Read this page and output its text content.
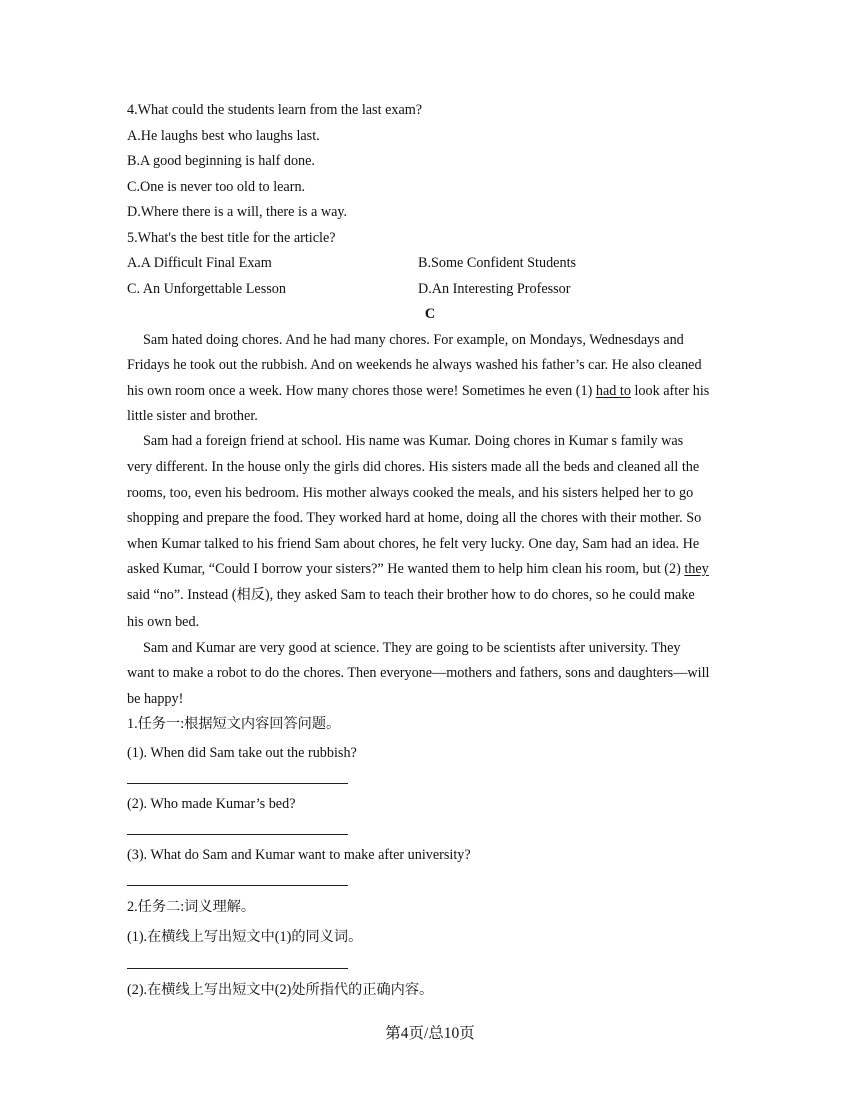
4.What could the students learn from the last exam?
A.He laughs best who laughs last.
B.A good beginning is half done.
C.One is never too old to learn.
D.Where there is a will, there is a way.
5.What's the best title for the article?
A.A Difficult Final Exam	B.Some Confident Students
C. An Unforgettable Lesson	D.An Interesting Professor
C
Sam hated doing chores. And he had many chores. For example, on Mondays, Wednesdays and
Fridays he took out the rubbish. And on weekends he always washed his father’s car. He also cleaned
his own room once a week. How many chores those were! Sometimes he even (1) had to look after his
little sister and brother.
Sam had a foreign friend at school. His name was Kumar. Doing chores in Kumar s family was
very different. In the house only the girls did chores. His sisters made all the beds and cleaned all the
rooms, too, even his bedroom. His mother always cooked the meals, and his sisters helped her to go
shopping and prepare the food. They worked hard at home, doing all the chores with their mother. So
when Kumar talked to his friend Sam about chores, he felt very lucky. One day, Sam had an idea. He
asked Kumar, “Could I borrow your sisters?” He wanted them to help him clean his room, but (2) they
said “no”. Instead (相反), they asked Sam to teach their brother how to do chores, so he could make
his own bed.
Sam and Kumar are very good at science. They are going to be scientists after university. They
want to make a robot to do the chores. Then everyone—mothers and fathers, sons and daughters—will
be happy!
1.任务一:根据短文内容回答问题。
(1). When did Sam take out the rubbish?
(2). Who made Kumar’s bed?
(3). What do Sam and Kumar want to make after university?
2.任务二:词义理解。
(1).在横线上写出短文中(1)的同义词。
(2).在横线上写出短文中(2)处所指代的正确内容。
第4页/总10页
